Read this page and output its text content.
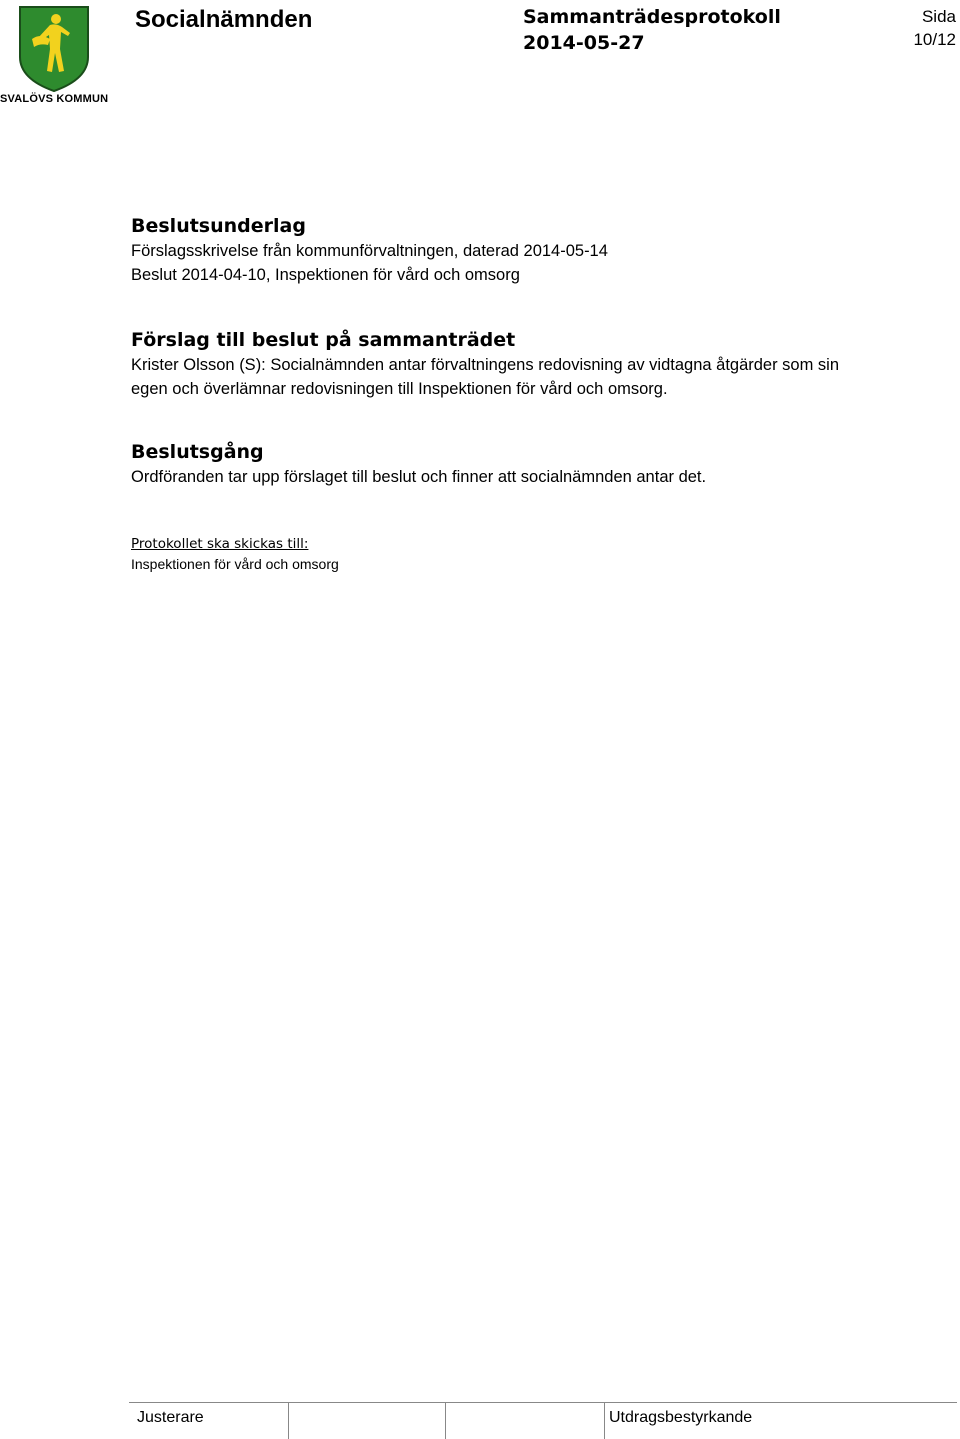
SVALÖVS KOMMUN
Socialnämnden	Sammanträdesprotokoll
2014-05-27
Sida
10/12

Beslutsunderlag

Förslagsskrivelse från kommunförvaltningen, daterad 2014-05-14

Beslut 2014-04-10, Inspektionen för vård och omsorg

Förslag till beslut på sammanträdet

Krister Olsson (S): Socialnämnden antar förvaltningens redovisning av vidtagna åtgärder som sin

egen och överlämnar redovisningen till Inspektionen för vård och omsorg.

Beslutsgång

Ordföranden tar upp förslaget till beslut och finner att socialnämnden antar det.

Protokollet ska skickas till:

Inspektionen för vård och omsorg

Justerare	Utdragsbestyrkande
